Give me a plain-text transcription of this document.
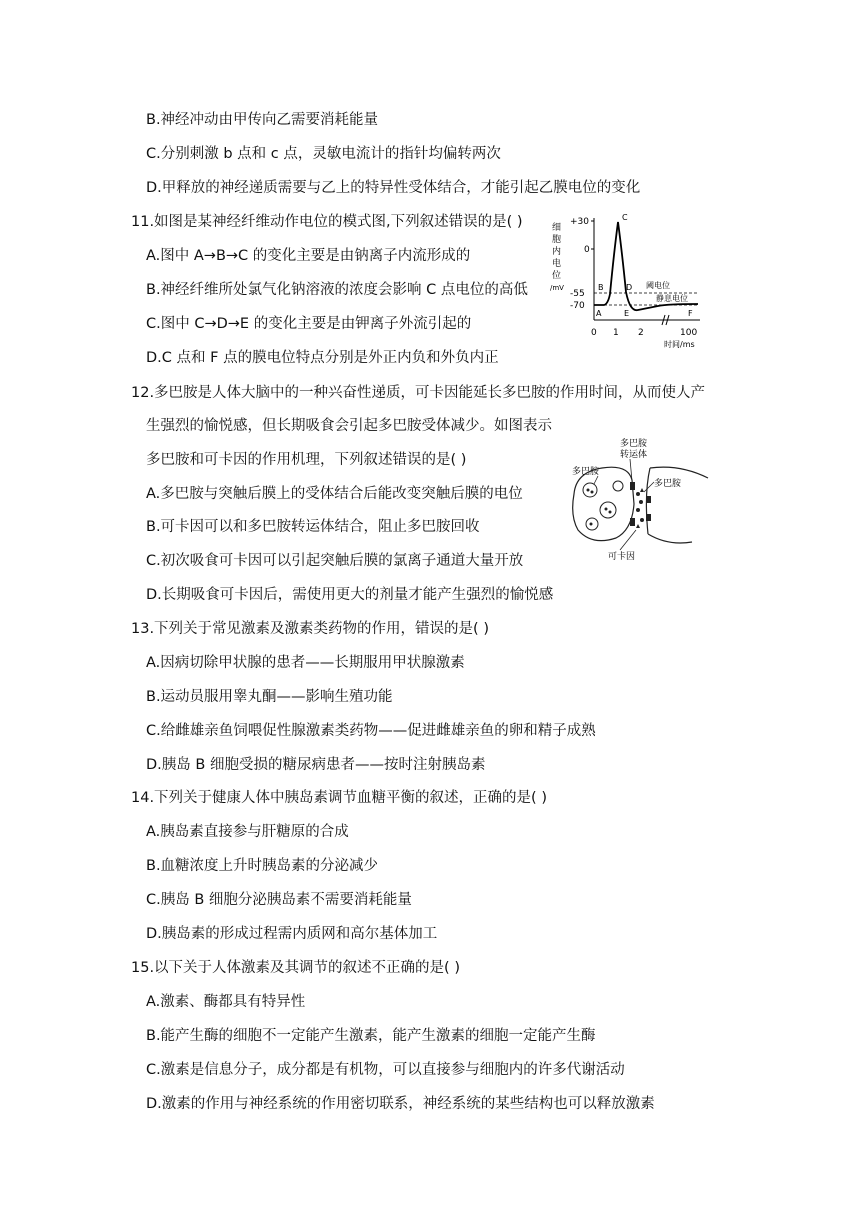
B.神经冲动由甲传向乙需要消耗能量
C.分别刺激 b 点和 c 点，灵敏电流计的指针均偏转两次
D.甲释放的神经递质需要与乙上的特异性受体结合，才能引起乙膜电位的变化
11.如图是某神经纤维动作电位的模式图,下列叙述错误的是( )
A.图中 A→B→C 的变化主要是由钠离子内流形成的
B.神经纤维所处氯气化钠溶液的浓度会影响 C 点电位的高低
C.图中 C→D→E 的变化主要是由钾离子外流引起的
D.C 点和 F 点的膜电位特点分别是外正内负和外负内正
细
胞
内
电
位
/mV
+30
0
-55
-70
阈电位
静息电位
A
B
C
D
E	F
0 1 2	100
时间/ms
12.多巴胺是人体大脑中的一种兴奋性递质，可卡因能延长多巴胺的作用时间，从而使人产
生强烈的愉悦感，但长期吸食会引起多巴胺受体减少。如图表示
多巴胺和可卡因的作用机理，下列叙述错误的是( )
A.多巴胺与突触后膜上的受体结合后能改变突触后膜的电位
B.可卡因可以和多巴胺转运体结合，阻止多巴胺回收
C.初次吸食可卡因可以引起突触后膜的氯离子通道大量开放
D.长期吸食可卡因后，需使用更大的剂量才能产生强烈的愉悦感
多巴胺
转运体
多巴胺
多巴胺
可卡因
13.下列关于常见激素及激素类药物的作用，错误的是( )
A.因病切除甲状腺的患者——长期服用甲状腺激素
B.运动员服用睾丸酮——影响生殖功能
C.给雌雄亲鱼饲喂促性腺激素类药物——促进雌雄亲鱼的卵和精子成熟
D.胰岛 B 细胞受损的糖尿病患者——按时注射胰岛素
14.下列关于健康人体中胰岛素调节血糖平衡的叙述，正确的是( )
A.胰岛素直接参与肝糖原的合成
B.血糖浓度上升时胰岛素的分泌减少
C.胰岛 B 细胞分泌胰岛素不需要消耗能量
D.胰岛素的形成过程需内质网和高尔基体加工
15.以下关于人体激素及其调节的叙述不正确的是( )
A.激素、酶都具有特异性
B.能产生酶的细胞不一定能产生激素，能产生激素的细胞一定能产生酶
C.激素是信息分子，成分都是有机物，可以直接参与细胞内的许多代谢活动
D.激素的作用与神经系统的作用密切联系，神经系统的某些结构也可以释放激素
